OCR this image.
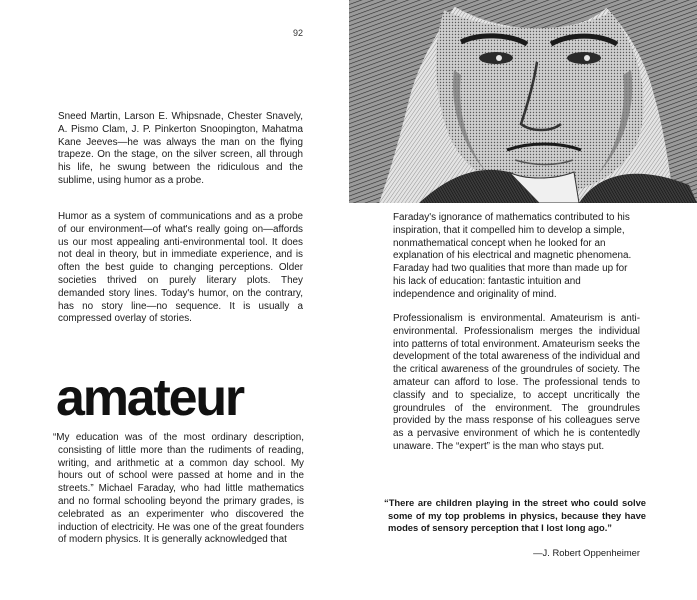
92

Sneed Martin, Larson E. Whipsnade, Chester Snavely, A. Pismo Clam, J. P. Pinkerton Snoopington, Mahatma Kane Jeeves—he was always the man on the flying trapeze. On the stage, on the silver screen, all through his life, he swung between the ridiculous and the sublime, using humor as a probe.

Humor as a system of communications and as a probe of our environment—of what's really going on—affords us our most appealing anti-environmental tool. It does not deal in theory, but in immediate experience, and is often the best guide to changing perceptions. Older societies thrived on purely literary plots. They demanded story lines. Today's humor, on the contrary, has no story line—no sequence. It is usually a compressed overlay of stories.

amateur

“My education was of the most ordinary description, consisting of little more than the rudiments of reading, writing, and arithmetic at a common day school. My hours out of school were passed at home and in the streets.” Michael Faraday, who had little mathematics and no formal schooling beyond the primary grades, is celebrated as an experimenter who discovered the induction of electricity. He was one of the great founders of modern physics. It is generally acknowledged that

Faraday's ignorance of mathematics contributed to his inspiration, that it compelled him to develop a simple, nonmathematical concept when he looked for an explanation of his electrical and magnetic phenomena. Faraday had two qualities that more than made up for his lack of education: fantastic intuition and independence and originality of mind.

Professionalism is environmental. Amateurism is anti-environmental. Professionalism merges the individual into patterns of total environment. Amateurism seeks the development of the total awareness of the individual and the critical awareness of the groundrules of society. The amateur can afford to lose. The professional tends to classify and to specialize, to accept uncritically the groundrules of the environment. The groundrules provided by the mass response of his colleagues serve as a pervasive environment of which he is contentedly unaware. The “expert” is the man who stays put.

“There are children playing in the street who could solve some of my top problems in physics, because they have modes of sensory perception that I lost long ago.”

—J. Robert Oppenheimer
